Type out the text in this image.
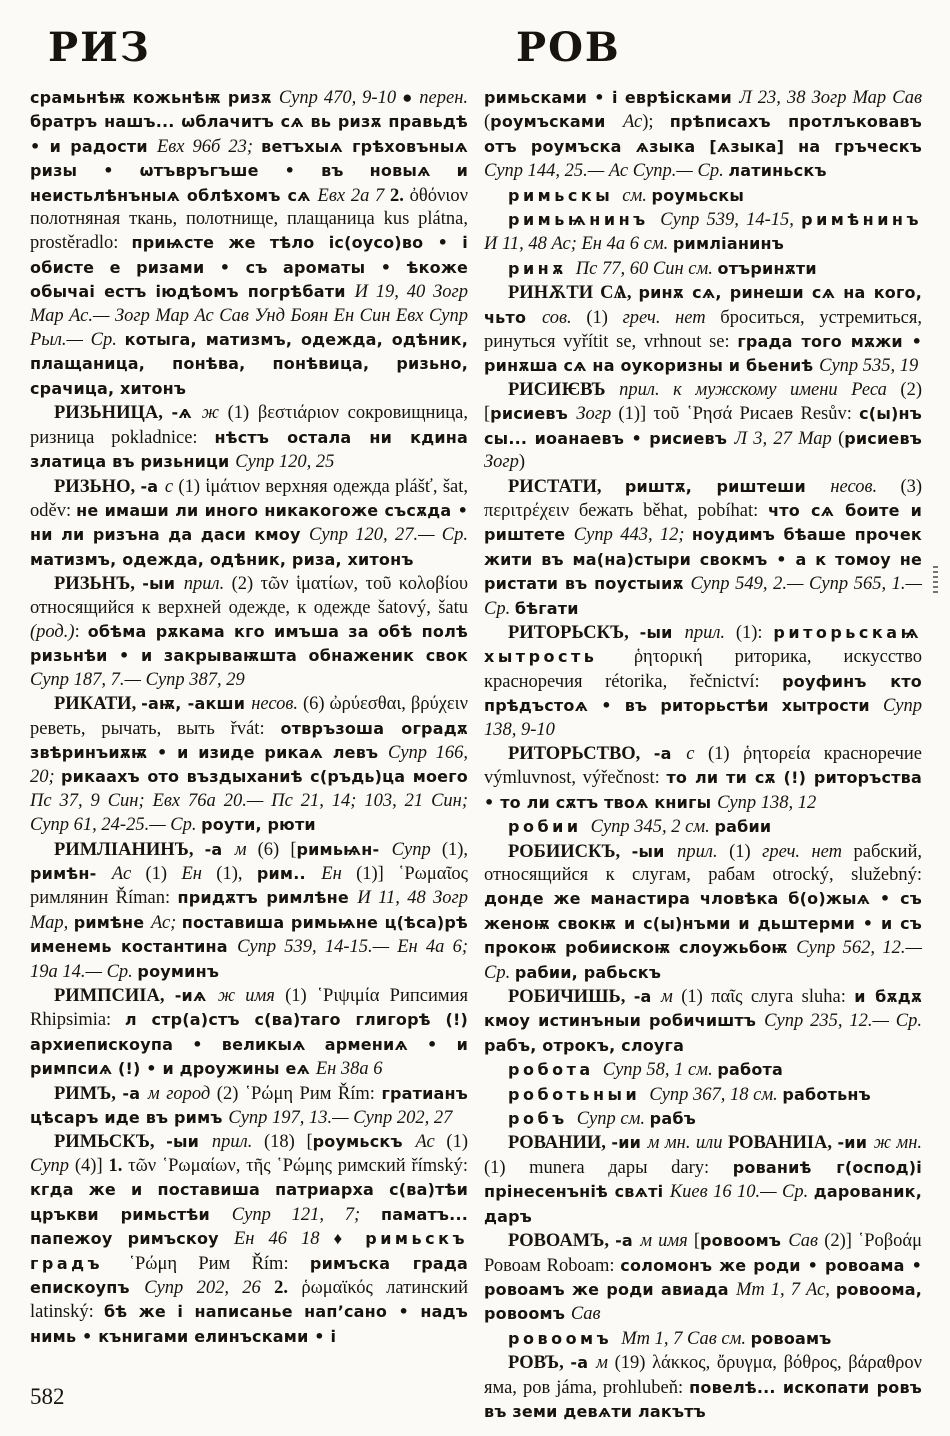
РИЗ	РОВ

срамьнѣѭ кожьнѣѭ ризѫ Супр 470, 9-10 ● перен. братръ нашъ... ѡблачитъ сѧ вь ризѫ правьдѣ • и радости Евх 96б 23; ветъхыѧ грѣховъныѧ ризы • ѡтъвръгъше • въ новыѧ и неистьлѣнъныѧ облѣхомъ сѧ Евх 2а 7 2. ὀθόνιον полотняная ткань, полотнище, плащаница kus plátna, prostěradlo: приѩсте же тѣло іс(оусо)во • і обисте е ризами • съ ароматы • ѣкоже обычаі естъ іюдѣомъ погрѣбати И 19, 40 Зогр Мар Ас.— Зогр Мар Ас Сав Унд Боян Ен Син Евх Супр Рыл.— Ср. котыга, матизмъ, одежда, одѣник, плащаница, понѣва, понѣвица, ризьно, срачица, хитонъ

РИЗЬНИЦА, -ѧ ж (1) βεστιάριον сокровищница, ризница pokladnice: нѣстъ остала ни кдина златица въ ризьници Супр 120, 25

РИЗЬНО, -а с (1) ἱμάτιον верхняя одежда plášť, šat, oděv: не имаши ли иного никакогоже съсѫда • ни ли ризъна да даси кмоу Супр 120, 27.— Ср. матизмъ, одежда, одѣник, риза, хитонъ

РИЗЬНЪ, -ыи прил. (2) τῶν ἱματίων, τοῦ κολοβίου относящийся к верхней одежде, к одежде šatový, šatu (род.): обѣма рѫкама кго имъша за обѣ полѣ ризьнѣи • и закрываѭшта обнаженик свок Супр 187, 7.— Супр 387, 29

РИКАТИ, -аѭ, -акши несов. (6) ὠρύεσθαι, βρύχειν реветь, рычать, выть řvát: отвръзоша оградѫ звѣринъиѫѭ • и изиде рикаѧ левъ Супр 166, 20; рикаахъ ото въздыханиѣ с(ръдь)ца моего Пс 37, 9 Син; Евх 76а 20.— Пс 21, 14; 103, 21 Син; Супр 61, 24-25.— Ср. роути, рюти

РИМЛІАНИНЪ, -а м (6) [римьѩн- Супр (1), римѣн- Ас (1) Ен (1), рим.. Ен (1)] ῾Ρωμαῖος римлянин Říman: придѫтъ римлѣне И 11, 48 Зогр Мар, римѣне Ас; поставиша римьѩне ц(ѣса)рѣ именемь костантина Супр 539, 14-15.— Ен 4а 6; 19а 14.— Ср. роуминъ

РИМПСИІА, -иѧ ж имя (1) ῾Ριψιμία Рипсимия Rhipsimia: л стр(а)стъ с(ва)таго глигорѣ (!) архиепискоупа • великыѧ армениѧ • и римпсиѧ (!) • и дроужины еѧ Ен 38а 6

РИМЪ, -а м город (2) ῾Ρώμη Рим Řím: гратианъ цѣсаръ иде въ римъ Супр 197, 13.— Супр 202, 27

РИМЬСКЪ, -ыи прил. (18) [роумьскъ Ас (1) Супр (4)] 1. τῶν ῾Ρωμαίων, τῆς ῾Ρώμης римский římský: кгда же и поставиша патриарха с(ва)тѣи цръкви римьстѣи Супр 121, 7; паматъ... папежоу римъскоу Ен 46 18 ♦ римьскъ градъ ῾Ρώμη Рим Řím: римъска града епискоупъ Супр 202, 26 2. ῥωμαϊκός латинский latinský: бѣ же і написанье нап’сано • надъ нимь • кънигами елинъсками • і

римьсками • і еврѣісками Л 23, 38 Зогр Мар Сав (роумъсками Ас); прѣписахъ протлъковавъ отъ роумъска ѧзыка [ѧзыка] на гръческъ Супр 144, 25.— Ас Супр.— Ср. латиньскъ

римьскы см. роумьскы

римьѩнинъ Супр 539, 14-15, римѣнинъ И 11, 48 Ас; Ен 4а 6 см. римліанинъ

ринѫ Пс 77, 60 Син см. отъринѫти

РИНѪТИ СѦ, ринѫ сѧ, ринеши сѧ на кого, чьто сов. (1) греч. нет броситься, устремиться, ринуться vyřítit se, vrhnout se: града того мѫжи • ринѫша сѧ на оукоризны и бьениѣ Супр 535, 19

РИСИѤВЪ прил. к мужскому имени Реса (2) [рисиевъ Зогр (1)] τοῦ ῾Ρησά Рисаев Resův: с(ы)нъ сы... иоанаевъ • рисиевъ Л 3, 27 Мар (рисиевъ Зогр)

РИСТАТИ, риштѫ, риштеши несов. (3) περιτρέχειν бежать běhat, pobíhat: что сѧ боите и риштете Супр 443, 12; ноудимъ бѣаше прочек жити въ ма(на)стыри свокмъ • а к томоу не ристати въ поустыиѫ Супр 549, 2.— Супр 565, 1.— Ср. бѣгати

РИТОРЬСКЪ, -ыи прил. (1): риторьскаѩ хытрость ῥητορική риторика, искусство красноречия rétorika, řečnictví: роуфинъ кто прѣдъстоѧ • въ риторьстѣи хытрости Супр 138, 9-10

РИТОРЬСТВО, -а с (1) ῥητορεία красноречие výmluvnost, výřečnost: то ли ти сѫ (!) риторъства • то ли сѫтъ твоѧ книгы Супр 138, 12

робии Супр 345, 2 см. рабии

РОБИИСКЪ, -ыи прил. (1) греч. нет рабский, относящийся к слугам, рабам otrocký, služebný: донде же манастира чловѣка б(о)жыѧ • съ женоѭ свокѭ и с(ы)нъми и дьштерми • и съ прокоѭ робиискоѭ слоужьбоѭ Супр 562, 12.— Ср. рабии, рабьскъ

РОБИЧИШЬ, -а м (1) παῖς слуга sluha: и бѫдѫ кмоу истинъныи робичиштъ Супр 235, 12.— Ср. рабъ, отрокъ, слоуга

робота Супр 58, 1 см. работа

роботьныи Супр 367, 18 см. работьнъ

робъ Супр см. рабъ

РОВАНИИ, -ии м мн. или РОВАНИІА, -ии ж мн. (1) munera дары dary: рованиѣ г(оспод)і прінесенъніѣ свѧті Киев 16 10.— Ср. дарованик, даръ

РОВОАМЪ, -а м имя [ровоомъ Сав (2)] ῾Ροβοάμ Ровоам Roboam: соломонъ же роди • ровоама • ровоамъ же роди авиада Мт 1, 7 Ас, ровоома, ровоомъ Сав

ровоомъ Мт 1, 7 Сав см. ровоамъ

РОВЪ, -а м (19) λάκκος, ὄρυγμα, βόθρος, βάραθρον яма, ров jáma, prohlubeň: повелѣ... ископати ровъ въ земи девѧти лакътъ

582
